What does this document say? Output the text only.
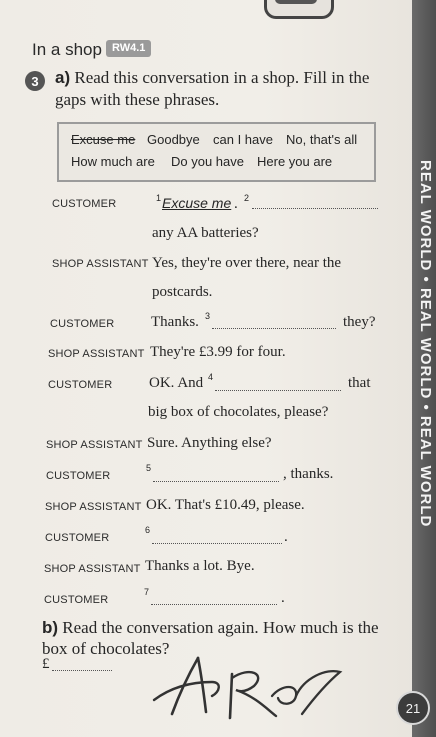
REAL WORLD • REAL WORLD • REAL WORLD
21
In a shop RW4.1
3 a) Read this conversation in a shop. Fill in the gaps with these phrases.
Excuse me Goodbye can I have No, that's all
How much are Do you have Here you are
CUSTOMER	1 Excuse me . 2
any AA batteries?
SHOP ASSISTANT Yes, they're over there, near the
postcards.
CUSTOMER Thanks. 3	they?
SHOP ASSISTANT They're £3.99 for four.
CUSTOMER OK. And 4	that
big box of chocolates, please?
SHOP ASSISTANT Sure. Anything else?
CUSTOMER
5	, thanks.
SHOP ASSISTANT OK. That's £10.49, please.
CUSTOMER
6	.
SHOP ASSISTANT Thanks a lot. Bye.
CUSTOMER
7	.
b) Read the conversation again. How much is the box of chocolates?
£
